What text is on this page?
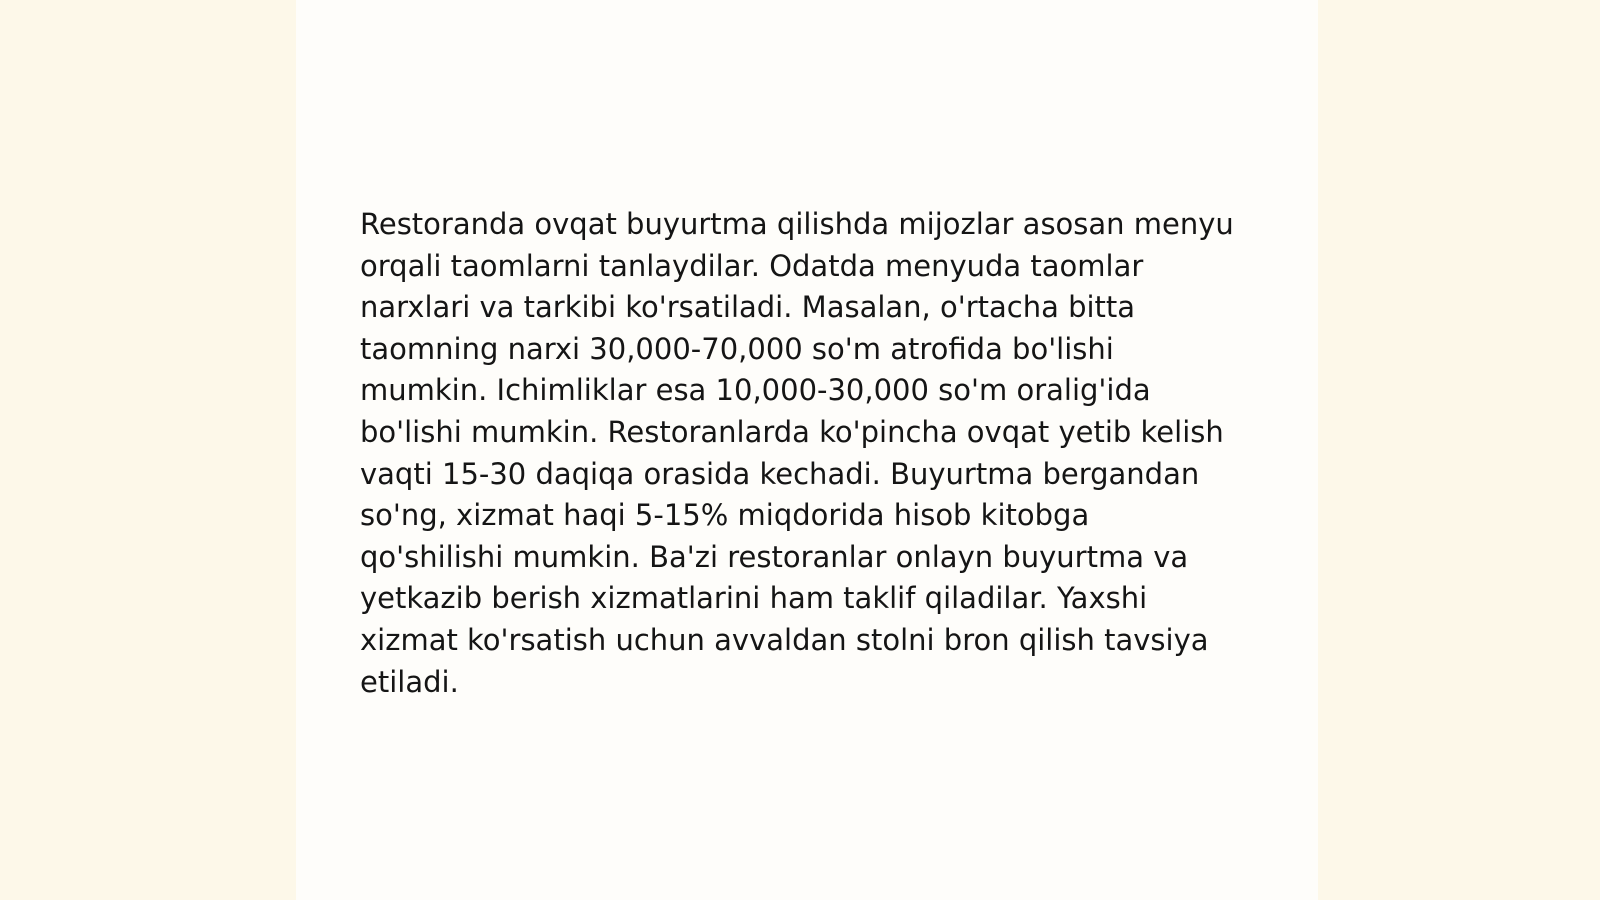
Restoranda ovqat buyurtma qilishda mijozlar asosan menyu orqali taomlarni tanlaydilar. Odatda menyuda taomlar narxlari va tarkibi ko'rsatiladi. Masalan, o'rtacha bitta taomning narxi 30,000-70,000 so'm atrofida bo'lishi mumkin. Ichimliklar esa 10,000-30,000 so'm oralig'ida bo'lishi mumkin. Restoranlarda ko'pincha ovqat yetib kelish vaqti 15-30 daqiqa orasida kechadi. Buyurtma bergandan so'ng, xizmat haqi 5-15% miqdorida hisob kitobga qo'shilishi mumkin. Ba'zi restoranlar onlayn buyurtma va yetkazib berish xizmatlarini ham taklif qiladilar. Yaxshi xizmat ko'rsatish uchun avvaldan stolni bron qilish tavsiya etiladi.
